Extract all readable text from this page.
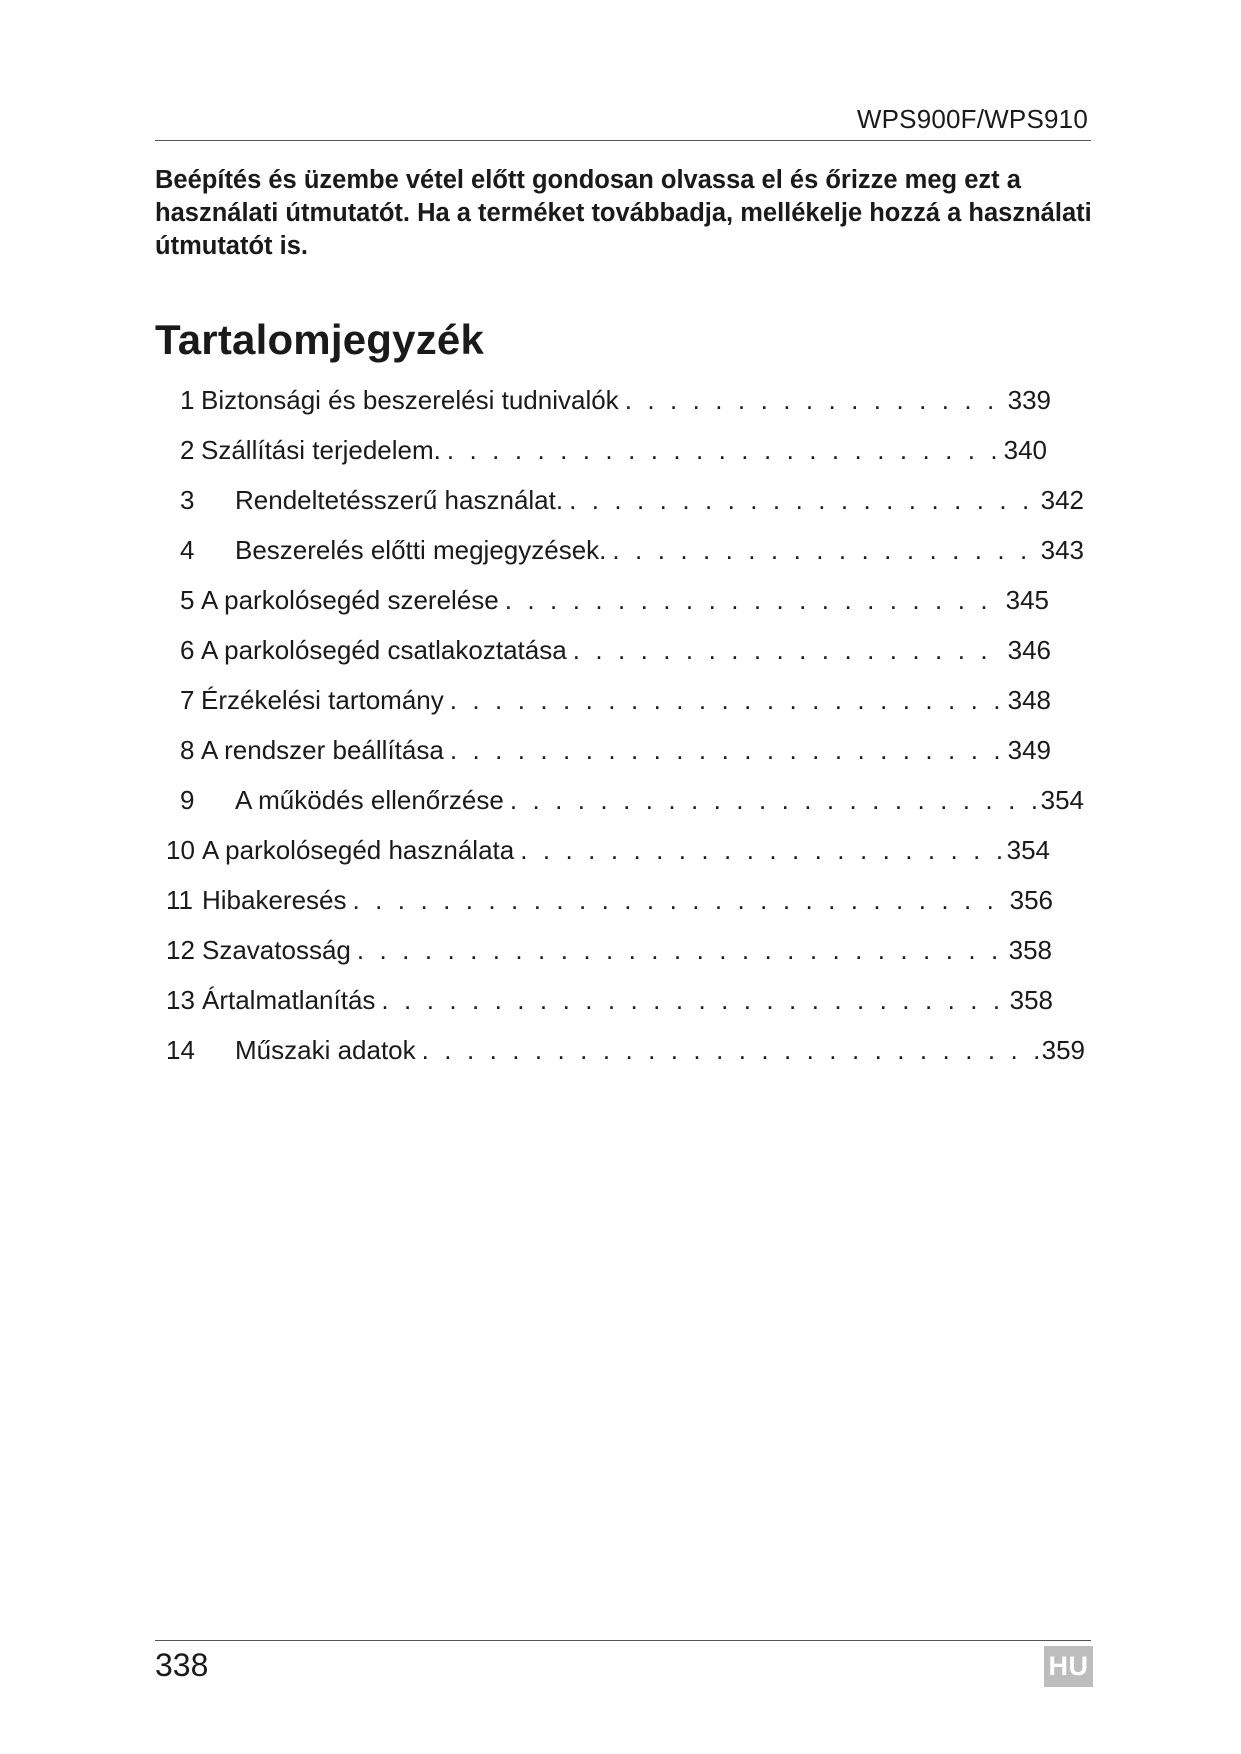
WPS900F/WPS910

Beépítés és üzembe vétel előtt gondosan olvassa el és őrizze meg ezt a használati útmutatót. Ha a terméket továbbadja, mellékelje hozzá a használati útmutatót is.

Tartalomjegyzék
1 Biztonsági és beszerelési tudnivalók . . .	339
2 Szállítási terjedelem. . . .	340
3	Rendeltetésszerű használat. . . .	342
4	Beszerelés előtti megjegyzések. . . .	343
5 A parkolósegéd szerelése . . .	345
6 A parkolósegéd csatlakoztatása . . .	346
7 Érzékelési tartomány . . .	348
8 A rendszer beállítása . . .	349
9	A működés ellenőrzése . . .	354
10 A parkolósegéd használata . . .	354
11 Hibakeresés . . .	356
12 Szavatosság . . .	358
13 Ártalmatlanítás . . .	358
14	Műszaki adatok . . .	359
338	HU
